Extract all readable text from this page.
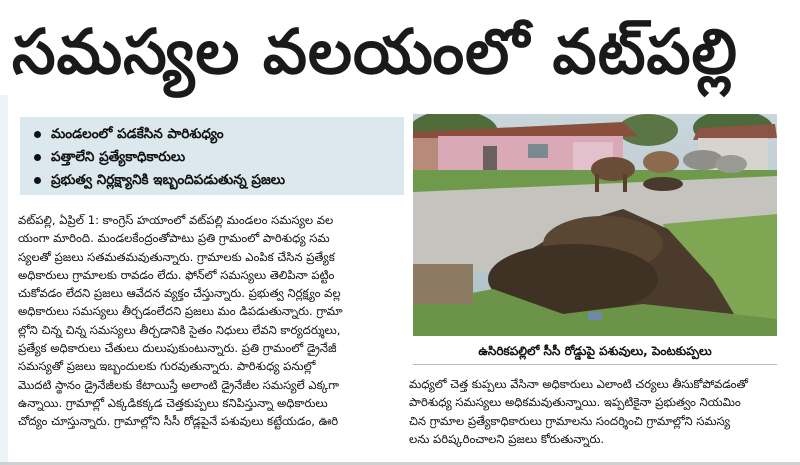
సమస్యల వలయంలో వట్‌పల్లి
మండలంలో పడకేసిన పారిశుధ్యం
పత్తాలేని ప్రత్యేకాధికారులు
ప్రభుత్వ నిర్లక్ష్యానికి ఇబ్బందిపడుతున్న ప్రజలు

వట్‌పల్లి, ఏప్రిల్ 1: కాంగ్రెస్ హయాంలో వట్‌పల్లి మండలం సమస్యల వల

యంగా మారింది. మండలకేంద్రంతోపాటు ప్రతి గ్రామంలో పారిశుధ్య సమ

స్యలతో ప్రజలు సతమతమవుతున్నారు. గ్రామాలకు ఎంపిక చేసిన ప్రత్యేక

అధికారులు గ్రామాలకు రావడం లేదు. ఫోన్‌లో సమస్యలు తెలిపినా పట్టిం

చుకోవడం లేదని ప్రజలు ఆవేదన వ్యక్తం చేస్తున్నారు. ప్రభుత్వ నిర్లక్ష్యం వల్ల

అధికారులు సమస్యలు తీర్చడంలేదని ప్రజలు మం డిపడుతున్నారు. గ్రామా

ల్లోని చిన్న చిన్న సమస్యలు తీర్చడానికి సైతం నిధులు లేవని కార్యదర్శులు,

ప్రత్యేక అధికారులు చేతులు దులుపుకుంటున్నారు. ప్రతి గ్రామంలో డ్రైనేజీ

సమస్యతో ప్రజలు ఇబ్బందులకు గురవుతున్నారు. పారిశుధ్య పనుల్లో

మొదటి స్థానం డ్రైనేజీలకు కేటాయిస్తే అలాంటి డ్రైనేజీల సమస్యలే ఎక్కగా

ఉన్నాయి. గ్రామాల్లో ఎక్కడికక్కడ చెత్తకుప్పలు కనిపిస్తున్నా అధికారులు

చోద్యం చూస్తున్నారు. గ్రామాల్లోని సీసీ రోడ్లపైనే పశువులు కట్టేయడం, ఊరి

ఉసిరికపల్లిలో సీసీ రోడ్డుపై పశువులు, పెంటకుప్పలు

మధ్యలో చెత్త కుప్పలు వేసినా అధికారులు ఎలాంటి చర్యలు తీసుకోపోవడంతో

పారిశుధ్య సమస్యలు అధికమవుతున్నాయి. ఇప్పటికైనా ప్రభుత్వం నియమిం

చిన గ్రామాల ప్రత్యేకాధికారులు గ్రామాలను సందర్శించి గ్రామాల్లోని సమస్య

లను పరిష్కరించాలని ప్రజలు కోరుతున్నారు.
